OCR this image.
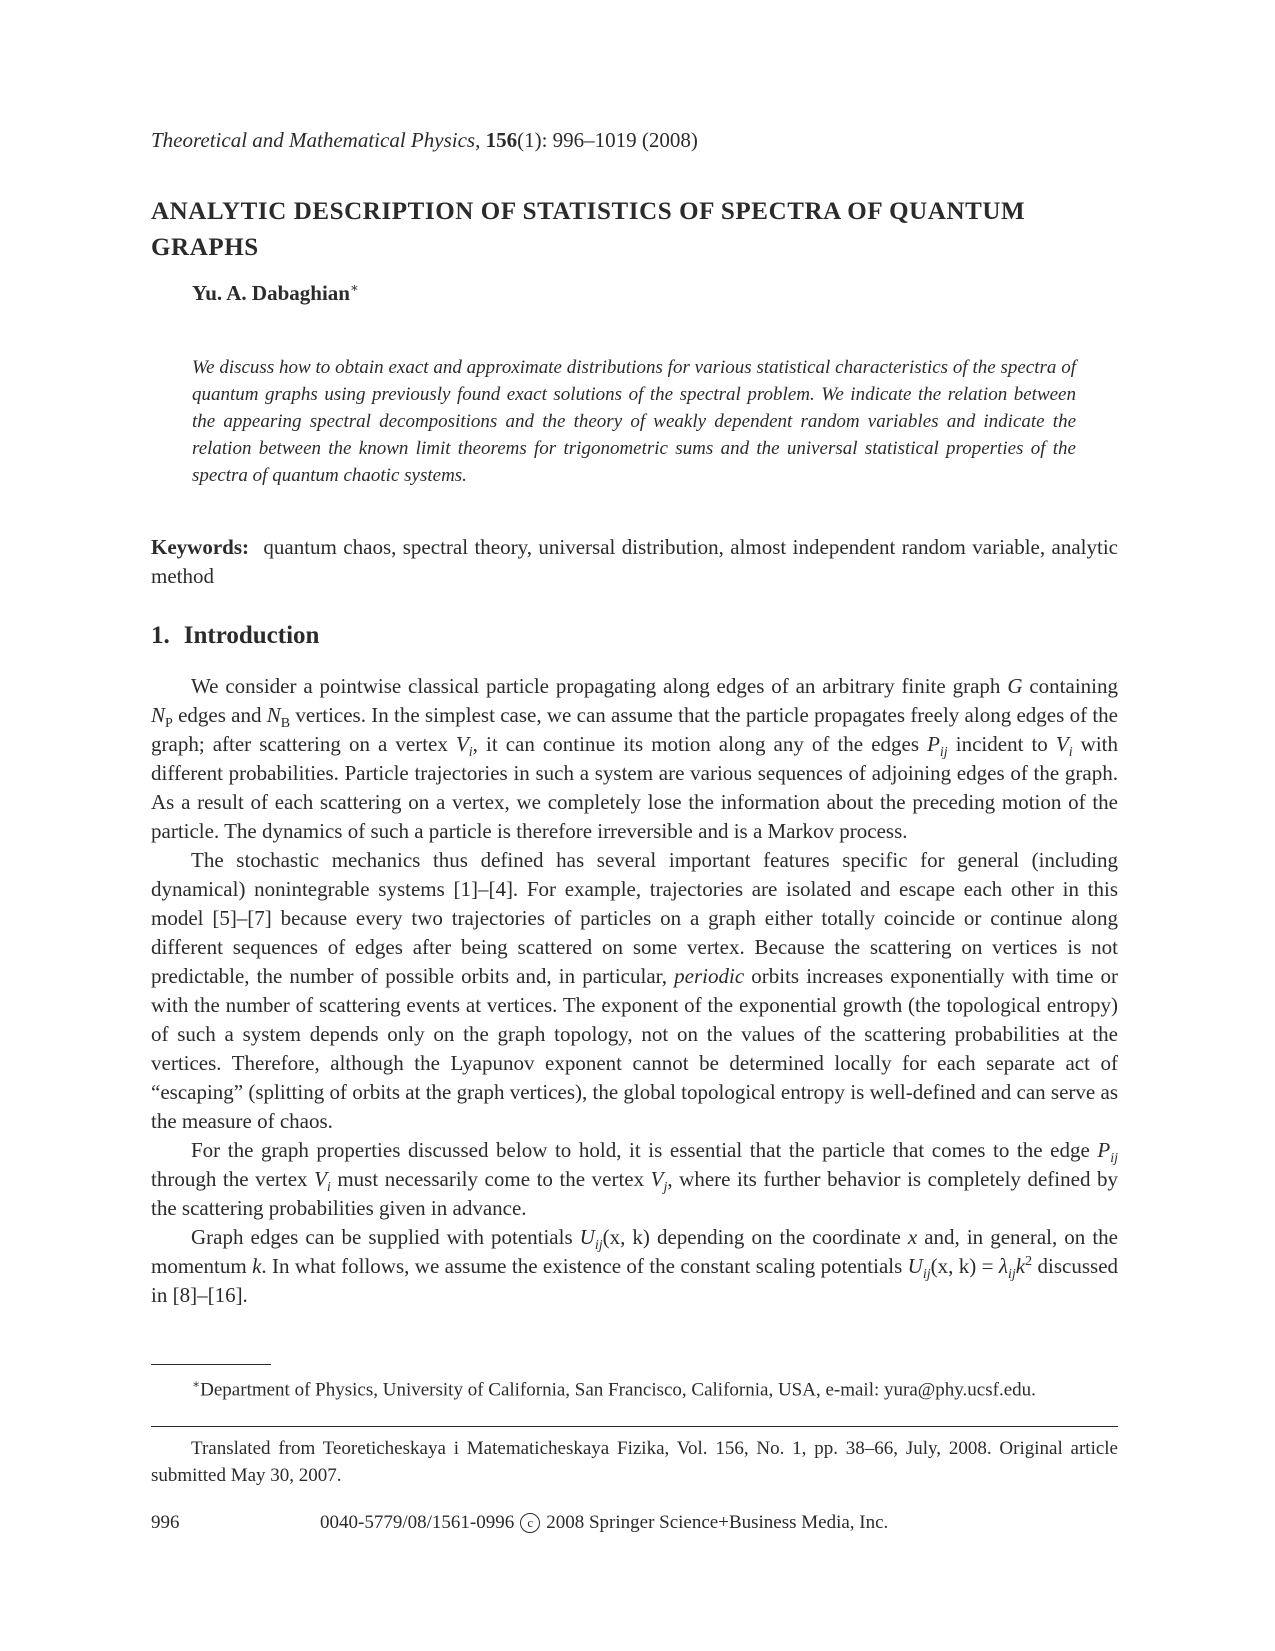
Theoretical and Mathematical Physics, 156(1): 996–1019 (2008)
ANALYTIC DESCRIPTION OF STATISTICS OF SPECTRA OF QUANTUM GRAPHS
Yu. A. Dabaghian∗
We discuss how to obtain exact and approximate distributions for various statistical characteristics of the spectra of quantum graphs using previously found exact solutions of the spectral problem. We indicate the relation between the appearing spectral decompositions and the theory of weakly dependent random variables and indicate the relation between the known limit theorems for trigonometric sums and the universal statistical properties of the spectra of quantum chaotic systems.
Keywords: quantum chaos, spectral theory, universal distribution, almost independent random variable, analytic method
1. Introduction

We consider a pointwise classical particle propagating along edges of an arbitrary finite graph G containing $N_P$ edges and $N_B$ vertices. In the simplest case, we can assume that the particle propagates freely along edges of the graph; after scattering on a vertex $V_i$, it can continue its motion along any of the edges $P_{ij}$ incident to $V_i$ with different probabilities. Particle trajectories in such a system are various sequences of adjoining edges of the graph. As a result of each scattering on a vertex, we completely lose the information about the preceding motion of the particle. The dynamics of such a particle is therefore irreversible and is a Markov process.

The stochastic mechanics thus defined has several important features specific for general (including dynamical) nonintegrable systems [1]–[4]. For example, trajectories are isolated and escape each other in this model [5]–[7] because every two trajectories of particles on a graph either totally coincide or continue along different sequences of edges after being scattered on some vertex. Because the scattering on vertices is not predictable, the number of possible orbits and, in particular, periodic orbits increases exponentially with time or with the number of scattering events at vertices. The exponent of the exponential growth (the topological entropy) of such a system depends only on the graph topology, not on the values of the scattering probabilities at the vertices. Therefore, although the Lyapunov exponent cannot be determined locally for each separate act of “escaping” (splitting of orbits at the graph vertices), the global topological entropy is well-defined and can serve as the measure of chaos.

For the graph properties discussed below to hold, it is essential that the particle that comes to the edge $P_{ij}$ through the vertex $V_i$ must necessarily come to the vertex $V_j$, where its further behavior is completely defined by the scattering probabilities given in advance.

Graph edges can be supplied with potentials $U_{ij}(x$, k) depending on the coordinate x and, in general, on the momentum k. In what follows, we assume the existence of the constant scaling potentials $U_{ij}(x$, $k) = \lambda_{ij}k^2$ discussed in [8]–[16].

∗Department of Physics, University of California, San Francisco, California, USA, e-mail: yura@phy.ucsf.edu.
Translated from Teoreticheskaya i Matematicheskaya Fizika, Vol. 156, No. 1, pp. 38–66, July, 2008. Original article submitted May 30, 2007.
996	0040-5779/08/1561-0996 c 2008 Springer Science+Business Media, Inc.
